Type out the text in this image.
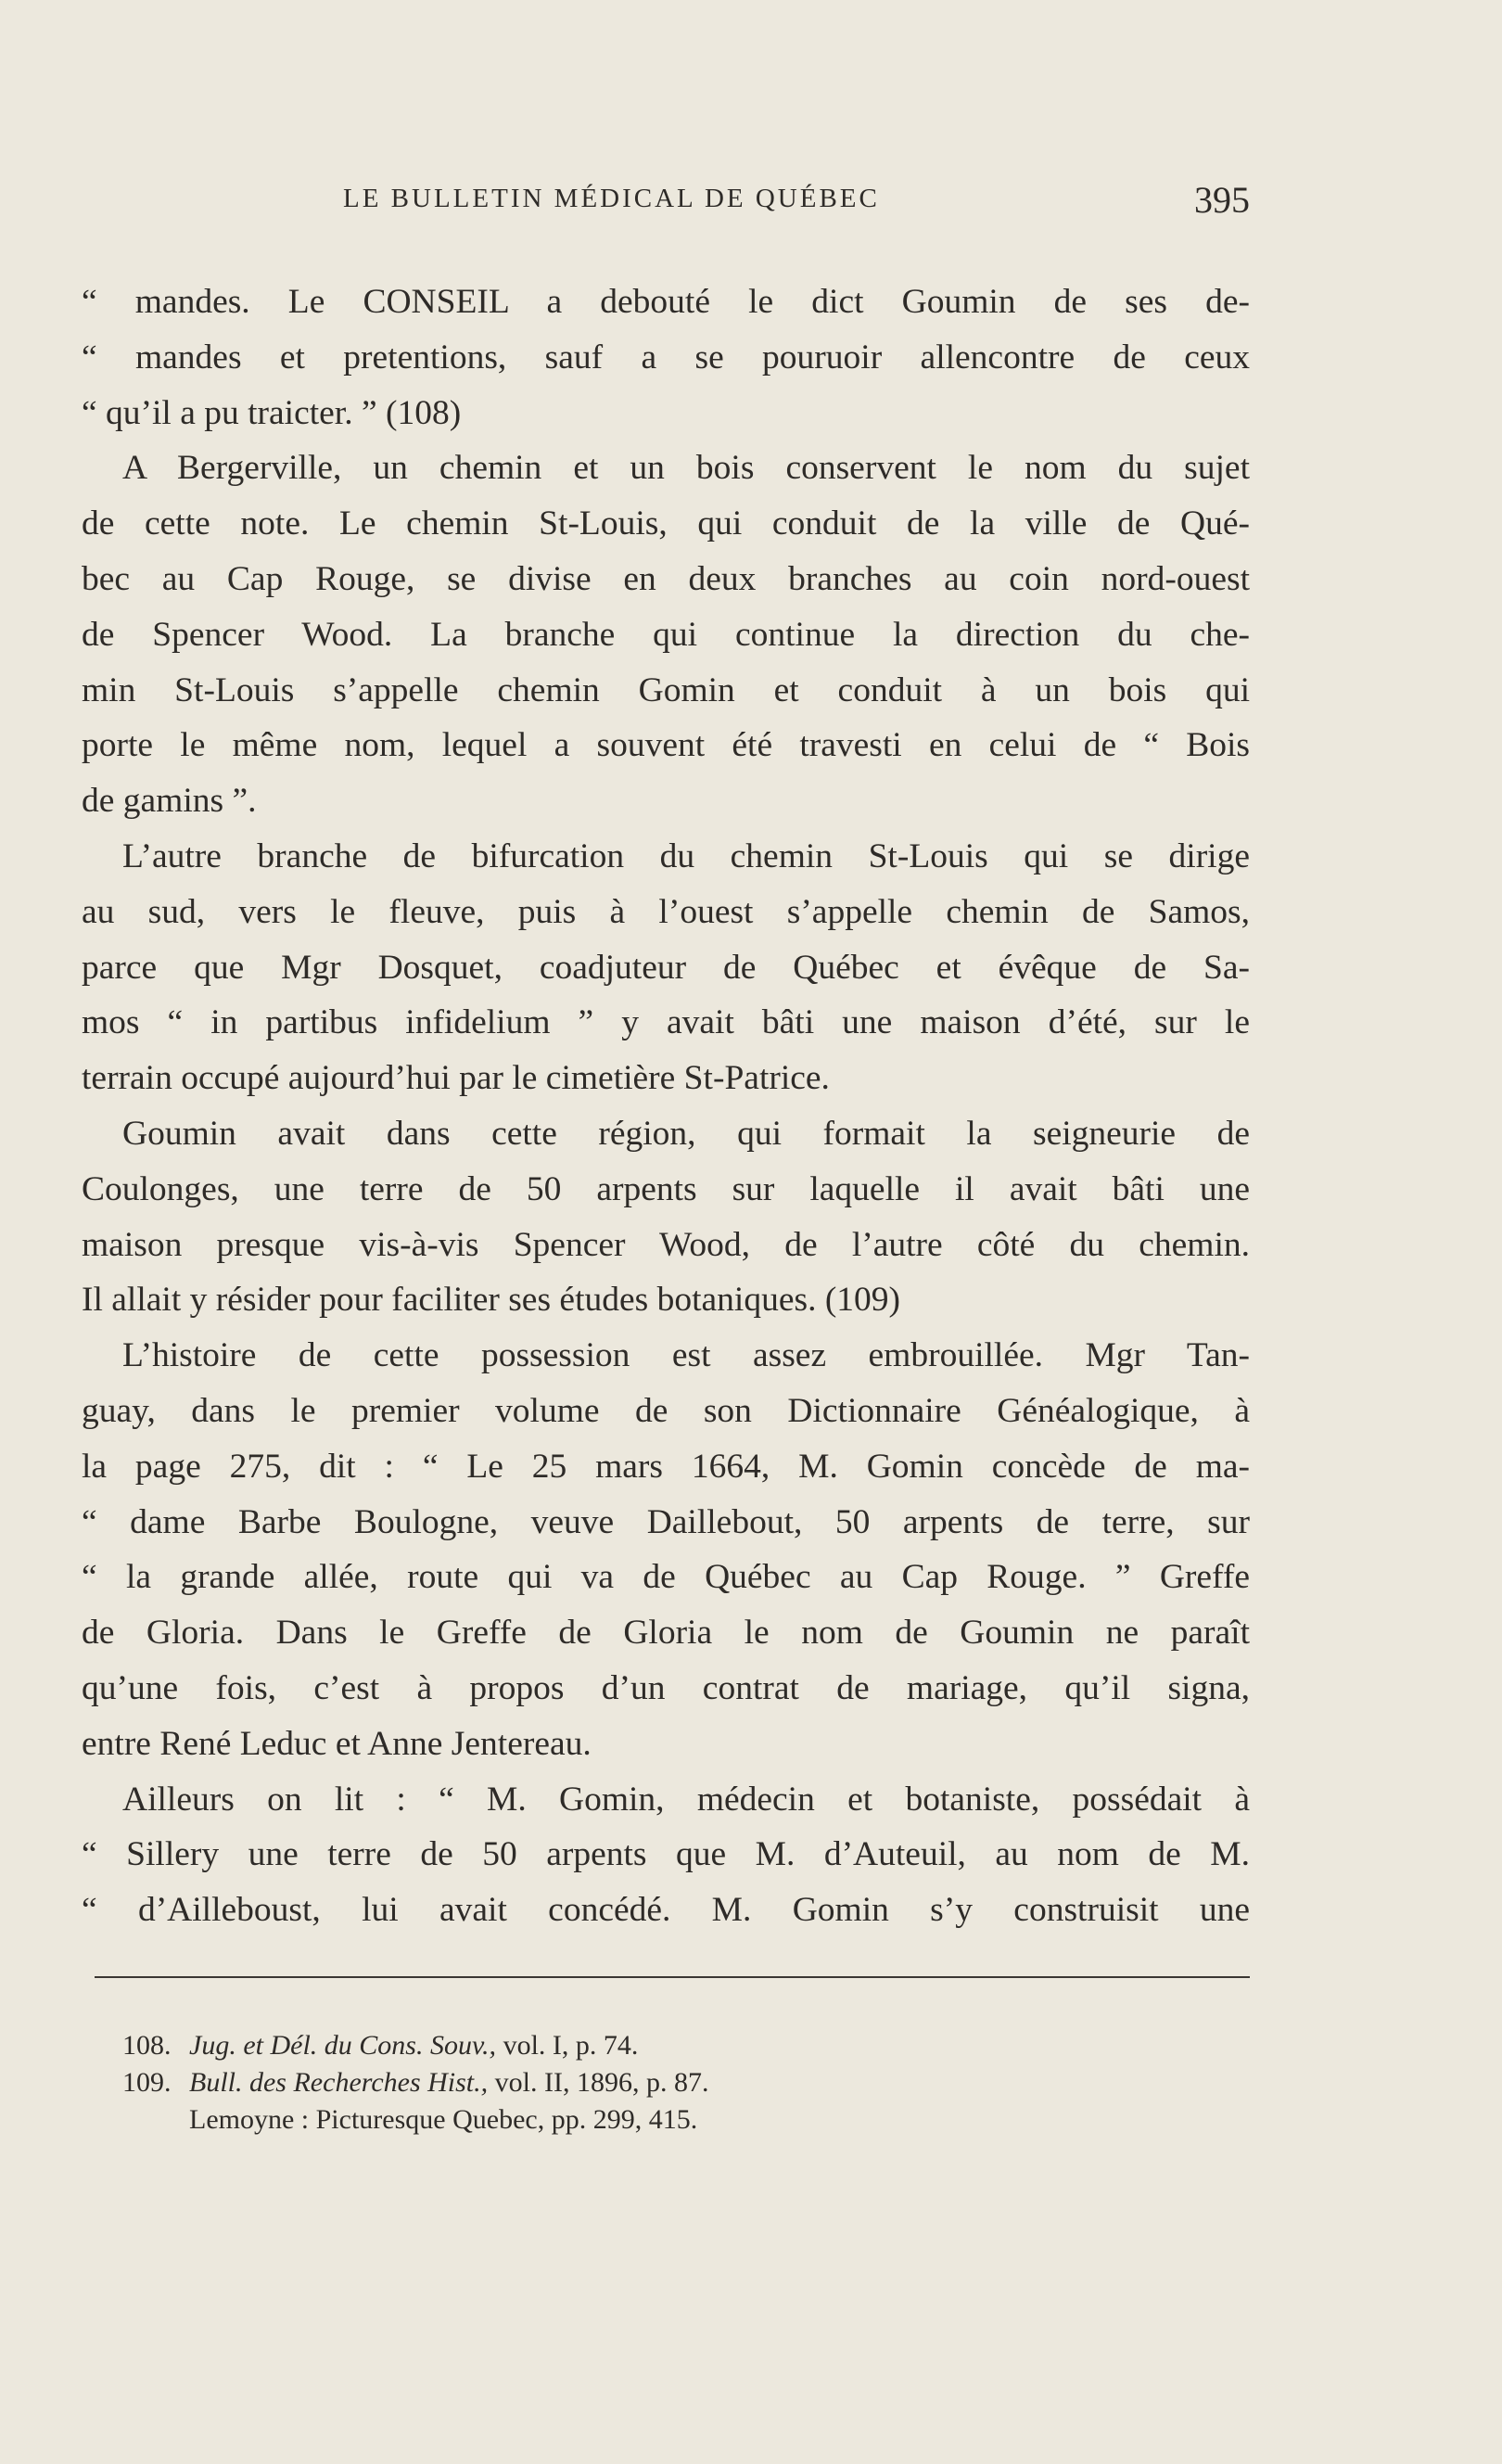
LE BULLETIN MÉDICAL DE QUÉBEC	395
“ mandes. Le CONSEIL a debouté le dict Goumin de ses de-
“ mandes et pretentions, sauf a se pouruoir allencontre de ceux
“ qu’il a pu traicter. ” (108)
A Bergerville, un chemin et un bois conservent le nom du sujet
de cette note. Le chemin St-Louis, qui conduit de la ville de Qué-
bec au Cap Rouge, se divise en deux branches au coin nord-ouest
de Spencer Wood. La branche qui continue la direction du che-
min St-Louis s’appelle chemin Gomin et conduit à un bois qui
porte le même nom, lequel a souvent été travesti en celui de “ Bois
de gamins ”.
L’autre branche de bifurcation du chemin St-Louis qui se dirige
au sud, vers le fleuve, puis à l’ouest s’appelle chemin de Samos,
parce que Mgr Dosquet, coadjuteur de Québec et évêque de Sa-
mos “ in partibus infidelium ” y avait bâti une maison d’été, sur le
terrain occupé aujourd’hui par le cimetière St-Patrice.
Goumin avait dans cette région, qui formait la seigneurie de
Coulonges, une terre de 50 arpents sur laquelle il avait bâti une
maison presque vis-à-vis Spencer Wood, de l’autre côté du chemin.
Il allait y résider pour faciliter ses études botaniques. (109)
L’histoire de cette possession est assez embrouillée. Mgr Tan-
guay, dans le premier volume de son Dictionnaire Généalogique, à
la page 275, dit : “ Le 25 mars 1664, M. Gomin concède de ma-
“ dame Barbe Boulogne, veuve Daillebout, 50 arpents de terre, sur
“ la grande allée, route qui va de Québec au Cap Rouge. ” Greffe
de Gloria. Dans le Greffe de Gloria le nom de Goumin ne paraît
qu’une fois, c’est à propos d’un contrat de mariage, qu’il signa,
entre René Leduc et Anne Jentereau.
Ailleurs on lit : “ M. Gomin, médecin et botaniste, possédait à
“ Sillery une terre de 50 arpents que M. d’Auteuil, au nom de M.
“ d’Ailleboust, lui avait concédé. M. Gomin s’y construisit une
108. Jug. et Dél. du Cons. Souv., vol. I, p. 74.
109. Bull. des Recherches Hist., vol. II, 1896, p. 87.
Lemoyne : Picturesque Quebec, pp. 299, 415.
